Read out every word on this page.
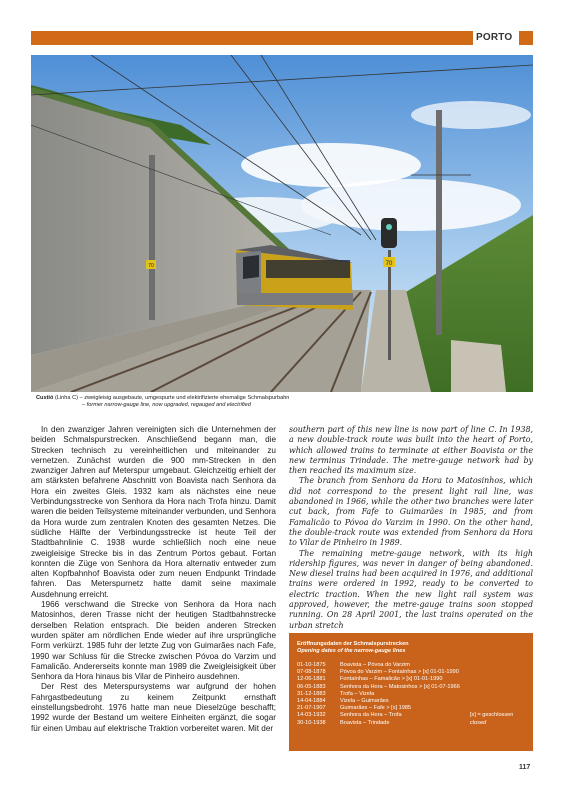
PORTO
70
70
Custió (Linha C) – zweigleisig ausgebaute, umgespurte und elektrifizierte ehemalige Schmalspurbahn
– former narrow-gauge line, now upgraded, regauged and electrified

In den zwanziger Jahren vereinigten sich die Unternehmen der beiden Schmalspurstrecken. Anschließend begann man, die Strecken technisch zu vereinheitlichen und miteinander zu vernetzen. Zunächst wurden die 900 mm-Strecken in den zwanziger Jahren auf Meterspur umgebaut. Gleichzeitig erhielt der am stärksten befahrene Abschnitt von Boavista nach Senhora da Hora ein zweites Gleis. 1932 kam als nächstes eine neue Verbindungsstrecke von Senhora da Hora nach Trofa hinzu. Damit waren die beiden Teilsysteme miteinander verbunden, und Senhora da Hora wurde zum zentralen Knoten des gesamten Netzes. Die südliche Hälfte der Verbindungsstrecke ist heute Teil der Stadtbahnlinie C. 1938 wurde schließlich noch eine neue zweigleisige Strecke bis in das Zentrum Portos gebaut. Fortan konnten die Züge von Senhora da Hora alternativ entweder zum alten Kopfbahnhof Boavista oder zum neuen Endpunkt Trindade fahren. Das Meterspurnetz hatte damit seine maximale Ausdehnung erreicht.

1966 verschwand die Strecke von Senhora da Hora nach Matosinhos, deren Trasse nicht der heutigen Stadtbahnstrecke derselben Relation entsprach. Die beiden anderen Strecken wurden später am nördlichen Ende wieder auf ihre ursprüngliche Form verkürzt. 1985 fuhr der letzte Zug von Guimarães nach Fafe, 1990 war Schluss für die Strecke zwischen Póvoa do Varzim und Famalicão. Andererseits konnte man 1989 die Zweigleisigkeit über Senhora da Hora hinaus bis Vilar de Pinheiro ausdehnen.

Der Rest des Meterspursystems war aufgrund der hohen Fahrgastbedeutung zu keinem Zeitpunkt ernsthaft einstellungsbedroht. 1976 hatte man neue Dieselzüge beschafft; 1992 wurde der Bestand um weitere Einheiten ergänzt, die sogar für einen Umbau auf elektrische Traktion vorbereitet waren. Mit der

southern part of this new line is now part of line C. In 1938, a new double-track route was built into the heart of Porto, which allowed trains to terminate at either Boavista or the new terminus Trindade. The metre-gauge network had by then reached its maximum size.

The branch from Senhora da Hora to Matosinhos, which did not correspond to the present light rail line, was abandoned in 1966, while the other two branches were later cut back, from Fafe to Guimarães in 1985, and from Famalicão to Póvoa do Varzim in 1990. On the other hand, the double-track route was extended from Senhora da Hora to Vilar de Pinheiro in 1989.

The remaining metre-gauge network, with its high ridership figures, was never in danger of being abandoned. New diesel trains had been acquired in 1976, and additional trains were ordered in 1992, ready to be converted to electric traction. When the new light rail system was approved, however, the metre-gauge trains soon stopped running. On 28 April 2001, the last trains operated on the urban stretch

Eröffnungsdaten der Schmalspurstrecken
Opening dates of the narrow-gauge lines
01-10-1875	Boavista – Póvoa do Varzim
07-08-1878	Póvoa do Varzim – Fontaínhas > [x] 01-01-1990
12-06-1881	Fontaínhas – Famalicão > [x] 01-01-1990
06-05-1883	Senhora da Hora – Matosinhos > [x] 01-07-1966
31-12-1883	Trofa – Vizela
14-04-1884	Vizela – Guimarães
21-07-1907	Guimarães – Fafe > [x] 1985
14-03-1932	Senhora da Hora – Trofa	[x] = geschlossen
30-10-1938	Boavista – Trindade	closed
117
